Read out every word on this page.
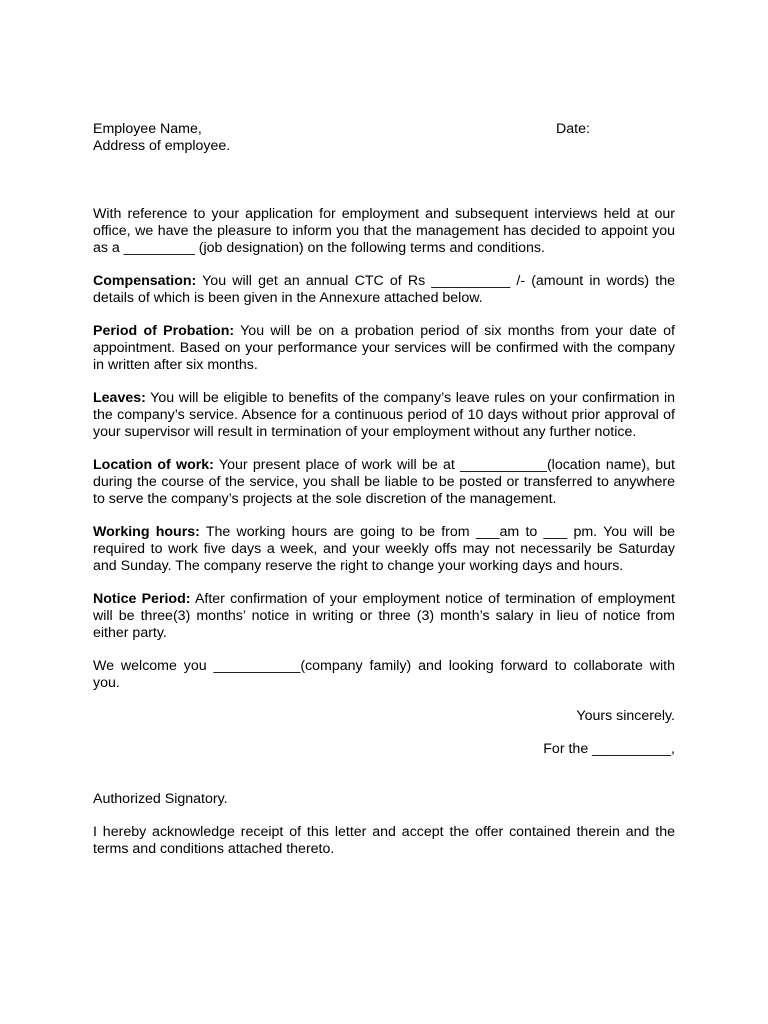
Employee Name,	Date:
Address of employee.

With reference to your application for employment and subsequent interviews held at our office, we have the pleasure to inform you that the management has decided to appoint you as a _________ (job designation) on the following terms and conditions.

Compensation: You will get an annual CTC of Rs __________ /- (amount in words) the details of which is been given in the Annexure attached below.

Period of Probation: You will be on a probation period of six months from your date of appointment. Based on your performance your services will be confirmed with the company in written after six months.

Leaves: You will be eligible to benefits of the company’s leave rules on your confirmation in the company’s service. Absence for a continuous period of 10 days without prior approval of your supervisor will result in termination of your employment without any further notice.

Location of work: Your present place of work will be at ___________(location name), but during the course of the service, you shall be liable to be posted or transferred to anywhere to serve the company’s projects at the sole discretion of the management.

Working hours: The working hours are going to be from ___am to ___ pm. You will be required to work five days a week, and your weekly offs may not necessarily be Saturday and Sunday. The company reserve the right to change your working days and hours.

Notice Period: After confirmation of your employment notice of termination of employment will be three(3) months’ notice in writing or three (3) month’s salary in lieu of notice from either party.

We welcome you ___________(company family) and looking forward to collaborate with you.

Yours sincerely.

For the __________,

Authorized Signatory.

I hereby acknowledge receipt of this letter and accept the offer contained therein and the terms and conditions attached thereto.
